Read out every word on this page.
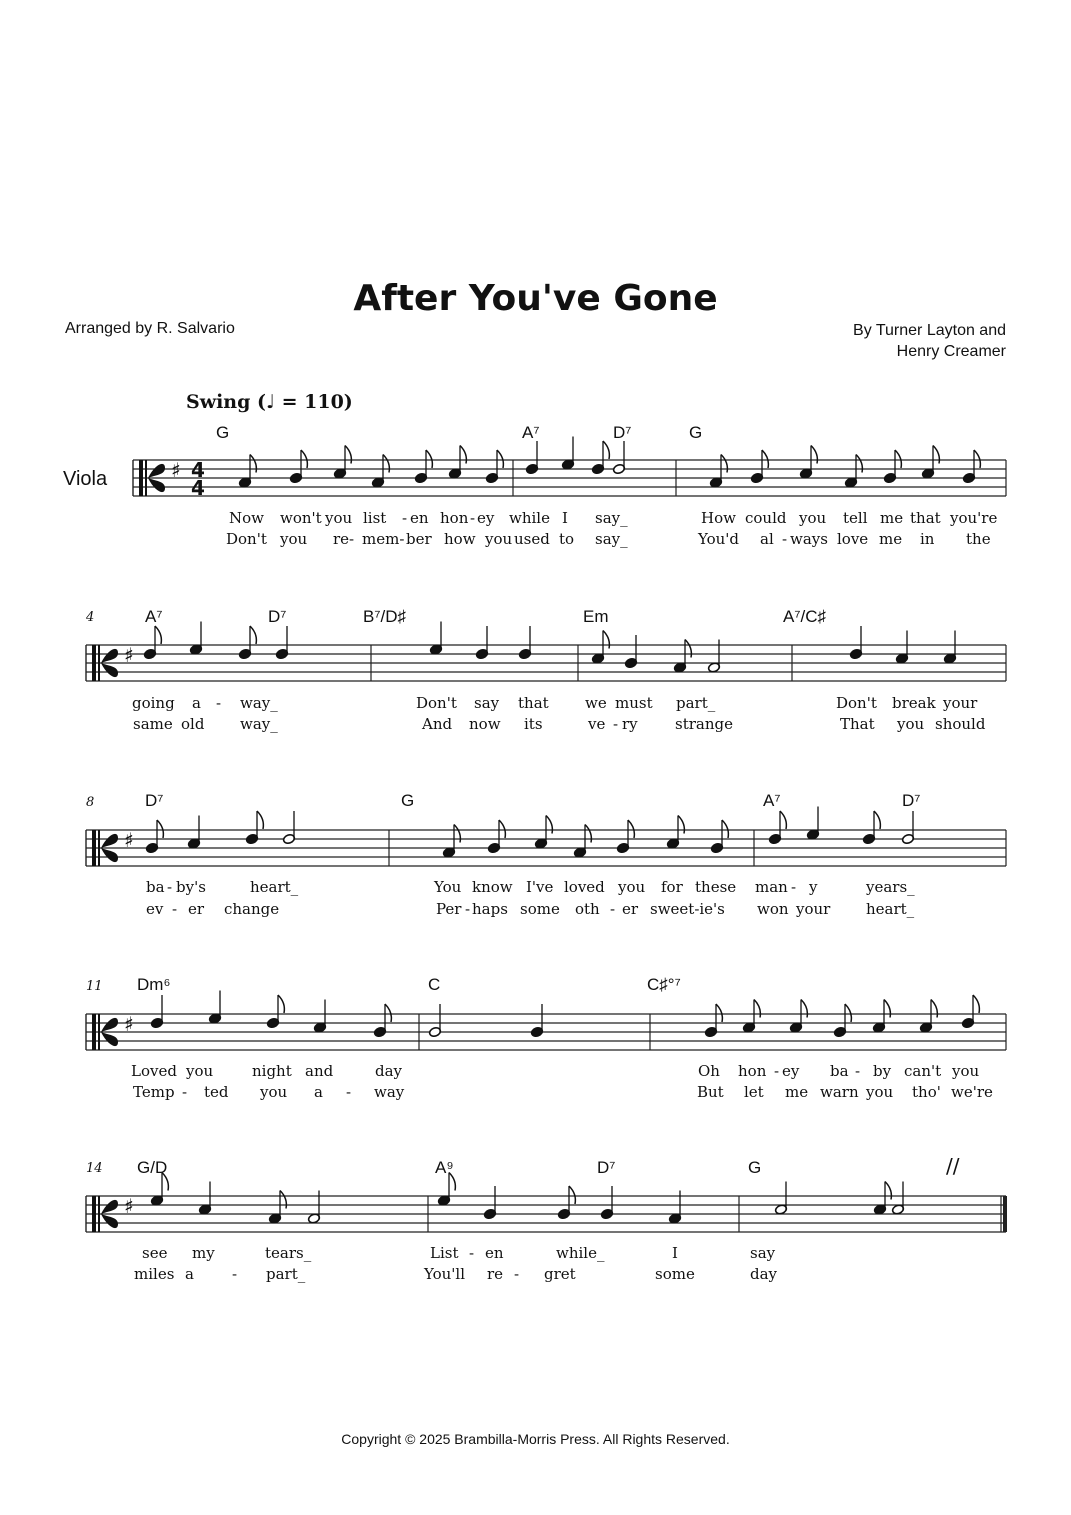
After You've Gone
Arranged by R. Salvario	By Turner Layton and
Henry Creamer
Swing (♩ = 110)
♯ 4
4
Viola
G	A⁷	D⁷	G
Now won't you list - en hon - ey while I say_	How could you tell me that you're
Don't you re- mem- ber how you used to say_	You'd al - ways love me in the
♯
4	A⁷	D⁷	B⁷/D♯	Em	A⁷/C♯
going a - way_	Don't say that we must part_	Don't break your
same old way_	And now its	ve - ry strange	That you should
♯
8	D⁷	G	A⁷	D⁷
ba - by's	heart_	You know I've loved you for these man - y	years_
ev - er change	Per - haps some oth - er sweet-ie's won your heart_
♯
11 Dm⁶	C	C♯°⁷
Loved you	night and	day	Oh hon - ey ba - by can't you
Temp - ted you a - way	But let me warn you tho' we're
♯
14 G/D	A⁹	D⁷	G
see my	tears_	List - en	while_	I	say
miles a	- part_	You'll re - gret	some	day
//
Copyright © 2025 Brambilla-Morris Press. All Rights Reserved.
